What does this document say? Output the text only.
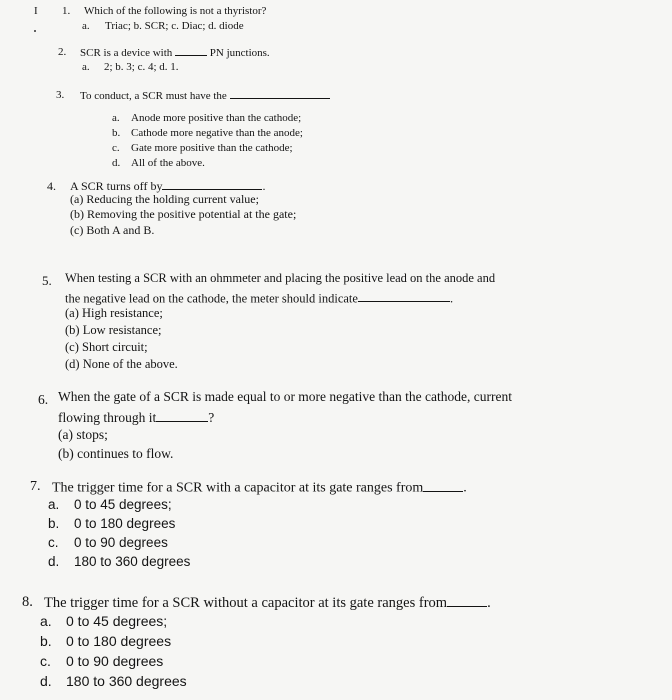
I 1. Which of the following is not a thyristor?
a. Triac; b. SCR; c. Diac; d. diode
2. SCR is a device with	PN junctions.
a. 2; b. 3; c. 4; d. 1.
3. To conduct, a SCR must have the
a. Anode more positive than the cathode;
b. Cathode more negative than the anode;
c. Gate more positive than the cathode;
d. All of the above.
4. A SCR turns off by	.
(a) Reducing the holding current value;
(b) Removing the positive potential at the gate;
(c) Both A and B.
5. When testing a SCR with an ohmmeter and placing the positive lead on the anode and
the negative lead on the cathode, the meter should indicate	.
(a) High resistance;
(b) Low resistance;
(c) Short circuit;
(d) None of the above.
6. When the gate of a SCR is made equal to or more negative than the cathode, current
flowing through it	?
(a) stops;
(b) continues to flow.
7. The trigger time for a SCR with a capacitor at its gate ranges from	.
a. 0 to 45 degrees;
b. 0 to 180 degrees
c. 0 to 90 degrees
d. 180 to 360 degrees
8. The trigger time for a SCR without a capacitor at its gate ranges from	.
a. 0 to 45 degrees;
b. 0 to 180 degrees
c. 0 to 90 degrees
d. 180 to 360 degrees
